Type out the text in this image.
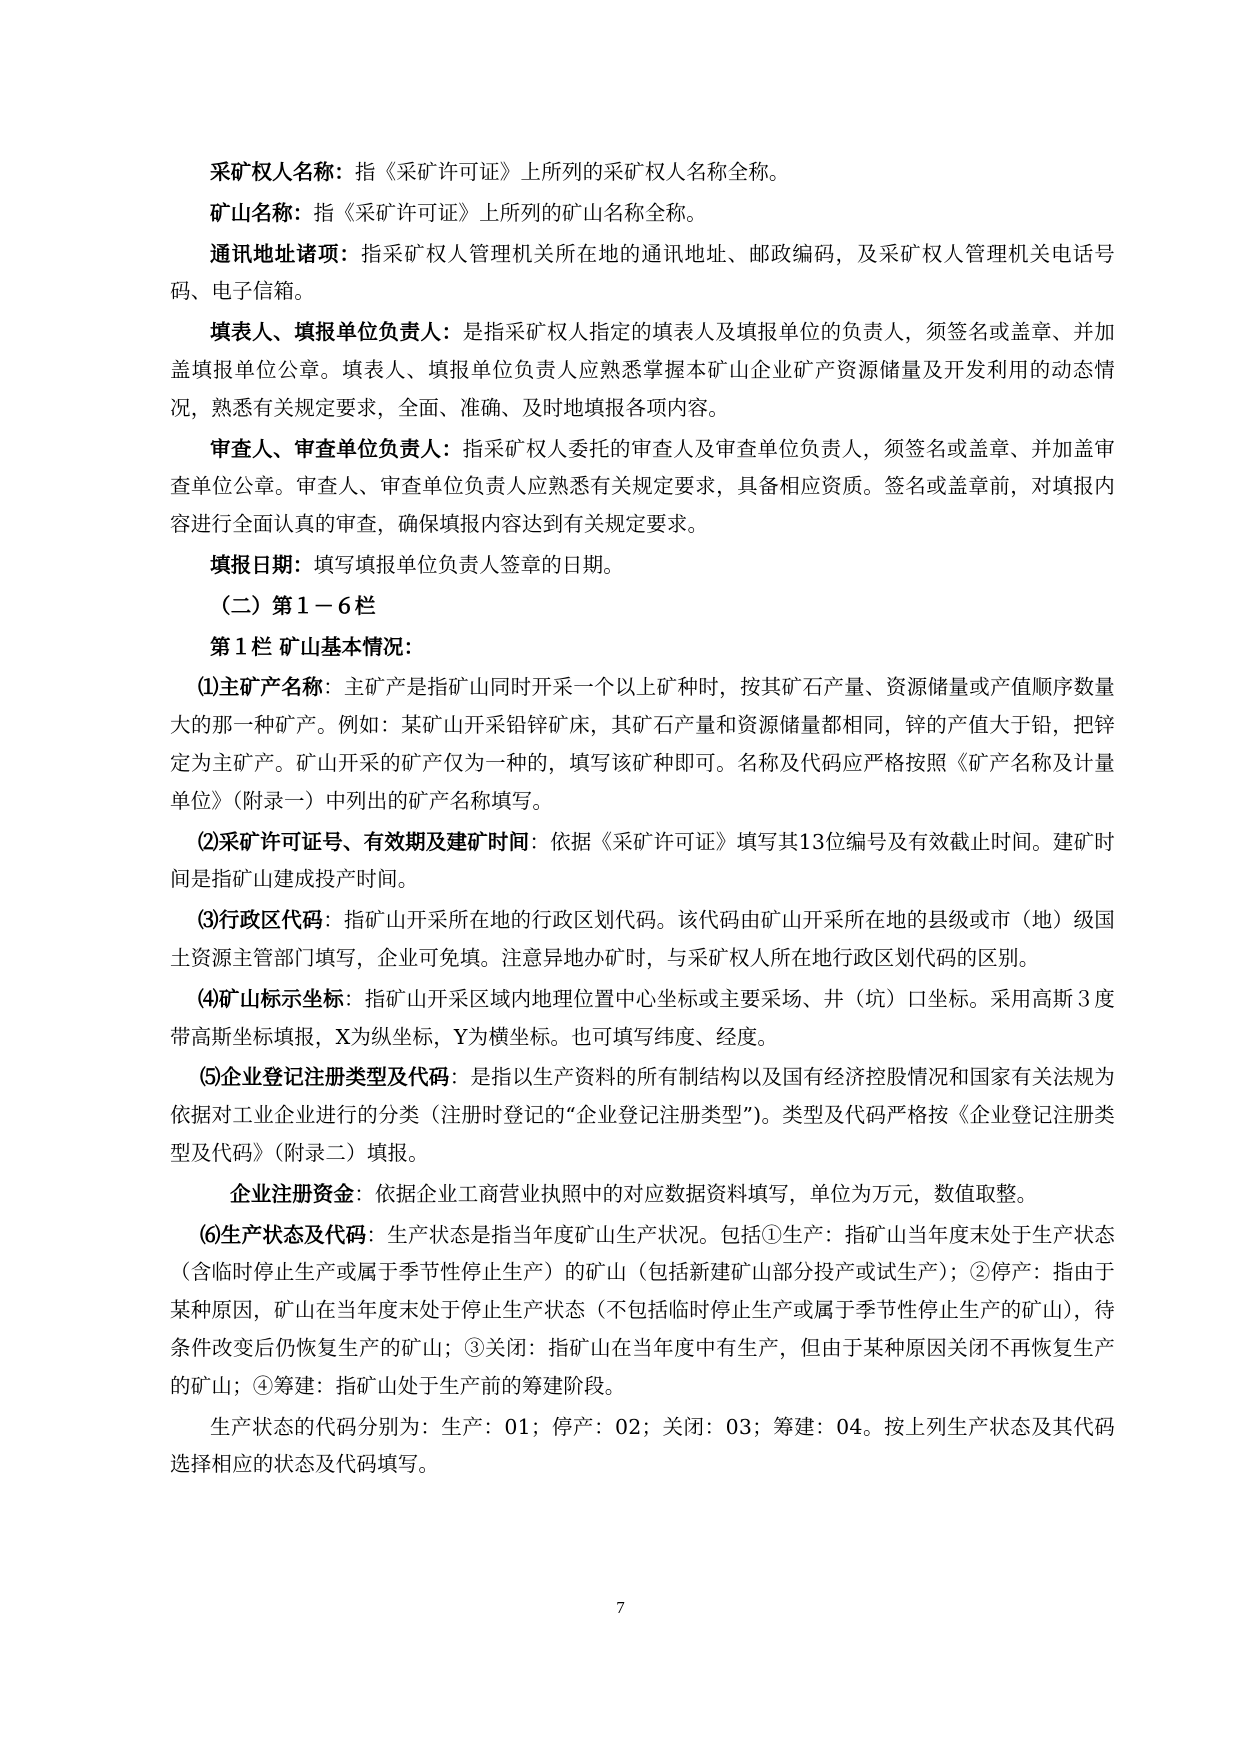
采矿权人名称：指《采矿许可证》上所列的采矿权人名称全称。

矿山名称：指《采矿许可证》上所列的矿山名称全称。

通讯地址诸项：指采矿权人管理机关所在地的通讯地址、邮政编码，及采矿权人管理机关电话号码、电子信箱。

填表人、填报单位负责人：是指采矿权人指定的填表人及填报单位的负责人，须签名或盖章、并加盖填报单位公章。填表人、填报单位负责人应熟悉掌握本矿山企业矿产资源储量及开发利用的动态情况，熟悉有关规定要求，全面、准确、及时地填报各项内容。

审查人、审查单位负责人：指采矿权人委托的审查人及审查单位负责人，须签名或盖章、并加盖审查单位公章。审查人、审查单位负责人应熟悉有关规定要求，具备相应资质。签名或盖章前，对填报内容进行全面认真的审查，确保填报内容达到有关规定要求。

填报日期：填写填报单位负责人签章的日期。

（二）第１－６栏

第１栏 矿山基本情况：

⑴主矿产名称：主矿产是指矿山同时开采一个以上矿种时，按其矿石产量、资源储量或产值顺序数量大的那一种矿产。例如：某矿山开采铅锌矿床，其矿石产量和资源储量都相同，锌的产值大于铅，把锌定为主矿产。矿山开采的矿产仅为一种的，填写该矿种即可。名称及代码应严格按照《矿产名称及计量单位》（附录一）中列出的矿产名称填写。

⑵采矿许可证号、有效期及建矿时间：依据《采矿许可证》填写其13位编号及有效截止时间。建矿时间是指矿山建成投产时间。

⑶行政区代码：指矿山开采所在地的行政区划代码。该代码由矿山开采所在地的县级或市（地）级国土资源主管部门填写，企业可免填。注意异地办矿时，与采矿权人所在地行政区划代码的区别。

⑷矿山标示坐标：指矿山开采区域内地理位置中心坐标或主要采场、井（坑）口坐标。采用高斯３度带高斯坐标填报，X为纵坐标，Y为横坐标。也可填写纬度、经度。

⑸企业登记注册类型及代码：是指以生产资料的所有制结构以及国有经济控股情况和国家有关法规为依据对工业企业进行的分类（注册时登记的“企业登记注册类型”)。类型及代码严格按《企业登记注册类型及代码》（附录二）填报。

企业注册资金：依据企业工商营业执照中的对应数据资料填写，单位为万元，数值取整。

⑹生产状态及代码：生产状态是指当年度矿山生产状况。包括①生产：指矿山当年度末处于生产状态（含临时停止生产或属于季节性停止生产）的矿山（包括新建矿山部分投产或试生产）；②停产：指由于某种原因，矿山在当年度末处于停止生产状态（不包括临时停止生产或属于季节性停止生产的矿山），待条件改变后仍恢复生产的矿山；③关闭：指矿山在当年度中有生产，但由于某种原因关闭不再恢复生产的矿山；④筹建：指矿山处于生产前的筹建阶段。

生产状态的代码分别为：生产：01；停产：02；关闭：03；筹建：04。按上列生产状态及其代码选择相应的状态及代码填写。

7
